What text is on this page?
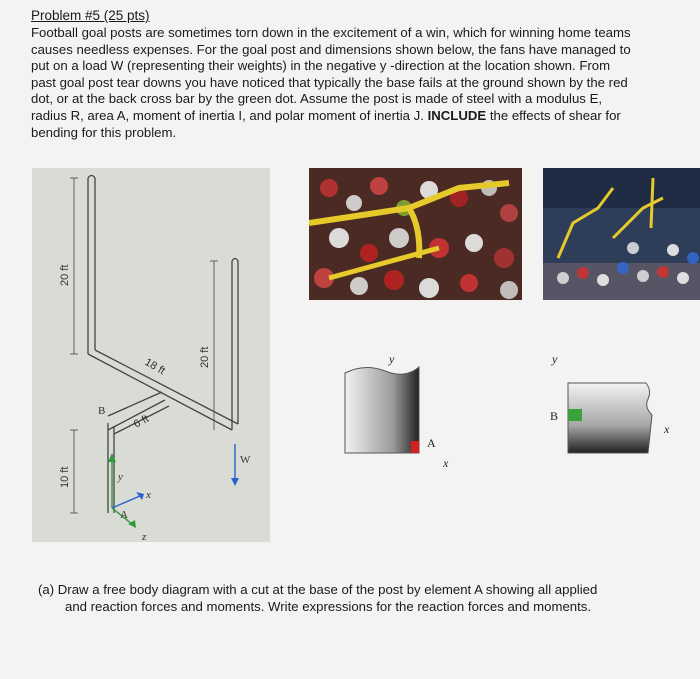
Problem #5 (25 pts)
Football goal posts are sometimes torn down in the excitement of a win, which for winning home teams
causes needless expenses. For the goal post and dimensions shown below, the fans have managed to
put on a load W (representing their weights) in the negative y -direction at the location shown. From
past goal post tear downs you have noticed that typically the base fails at the ground shown by the red
dot, or at the back cross bar by the green dot. Assume the post is made of steel with a modulus E,
radius R, area A, moment of inertia I, and polar moment of inertia J. INCLUDE the effects of shear for
bending for this problem.
20 ft
18 ft	20 ft
6 ft
10 ft
B
A
W
y
x
z
y
A
x
y
B
x
(a) Draw a free body diagram with a cut at the base of the post by element A showing all applied
and reaction forces and moments. Write expressions for the reaction forces and moments.
